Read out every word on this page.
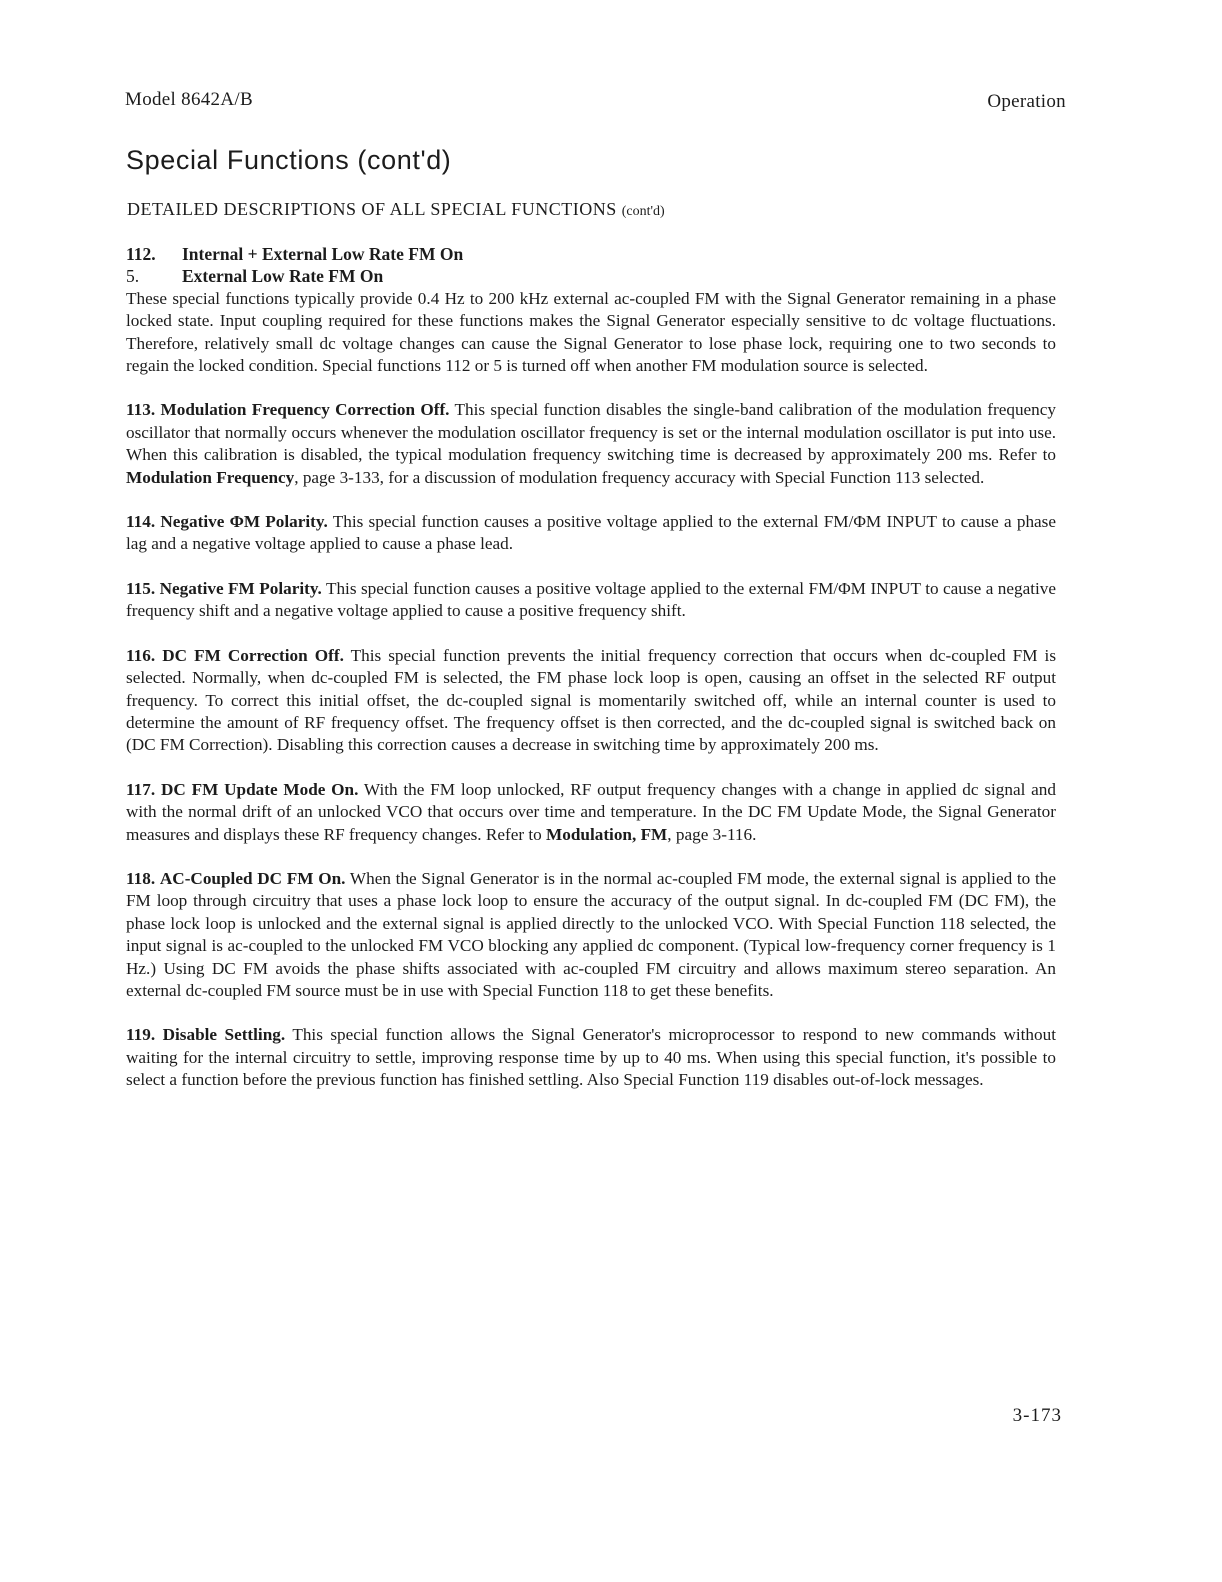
Model 8642A/B	Operation
Special Functions (cont'd)
DETAILED DESCRIPTIONS OF ALL SPECIAL FUNCTIONS (cont'd)
112. Internal + External Low Rate FM On
5. External Low Rate FM On

These special functions typically provide 0.4 Hz to 200 kHz external ac-coupled FM with the Signal Generator remaining in a phase locked state. Input coupling required for these functions makes the Signal Generator especially sensitive to dc voltage fluctuations. Therefore, relatively small dc voltage changes can cause the Signal Generator to lose phase lock, requiring one to two seconds to regain the locked condition. Special functions 112 or 5 is turned off when another FM modulation source is selected.

113. Modulation Frequency Correction Off. This special function disables the single-band calibration of the modulation frequency oscillator that normally occurs whenever the modulation oscillator frequency is set or the internal modulation oscillator is put into use. When this calibration is disabled, the typical modulation frequency switching time is decreased by approximately 200 ms. Refer to Modulation Frequency, page 3-133, for a discussion of modulation frequency accuracy with Special Function 113 selected.

114. Negative ΦM Polarity. This special function causes a positive voltage applied to the external FM/ΦM INPUT to cause a phase lag and a negative voltage applied to cause a phase lead.

115. Negative FM Polarity. This special function causes a positive voltage applied to the external FM/ΦM INPUT to cause a negative frequency shift and a negative voltage applied to cause a positive frequency shift.

116. DC FM Correction Off. This special function prevents the initial frequency correction that occurs when dc-coupled FM is selected. Normally, when dc-coupled FM is selected, the FM phase lock loop is open, causing an offset in the selected RF output frequency. To correct this initial offset, the dc-coupled signal is momentarily switched off, while an internal counter is used to determine the amount of RF frequency offset. The frequency offset is then corrected, and the dc-coupled signal is switched back on (DC FM Correction). Disabling this correction causes a decrease in switching time by approximately 200 ms.

117. DC FM Update Mode On. With the FM loop unlocked, RF output frequency changes with a change in applied dc signal and with the normal drift of an unlocked VCO that occurs over time and temperature. In the DC FM Update Mode, the Signal Generator measures and displays these RF frequency changes. Refer to Modulation, FM, page 3-116.

118. AC-Coupled DC FM On. When the Signal Generator is in the normal ac-coupled FM mode, the external signal is applied to the FM loop through circuitry that uses a phase lock loop to ensure the accuracy of the output signal. In dc-coupled FM (DC FM), the phase lock loop is unlocked and the external signal is applied directly to the unlocked VCO. With Special Function 118 selected, the input signal is ac-coupled to the unlocked FM VCO blocking any applied dc component. (Typical low-frequency corner frequency is 1 Hz.) Using DC FM avoids the phase shifts associated with ac-coupled FM circuitry and allows maximum stereo separation. An external dc-coupled FM source must be in use with Special Function 118 to get these benefits.

119. Disable Settling. This special function allows the Signal Generator's microprocessor to respond to new commands without waiting for the internal circuitry to settle, improving response time by up to 40 ms. When using this special function, it's possible to select a function before the previous function has finished settling. Also Special Function 119 disables out-of-lock messages.

3-173
